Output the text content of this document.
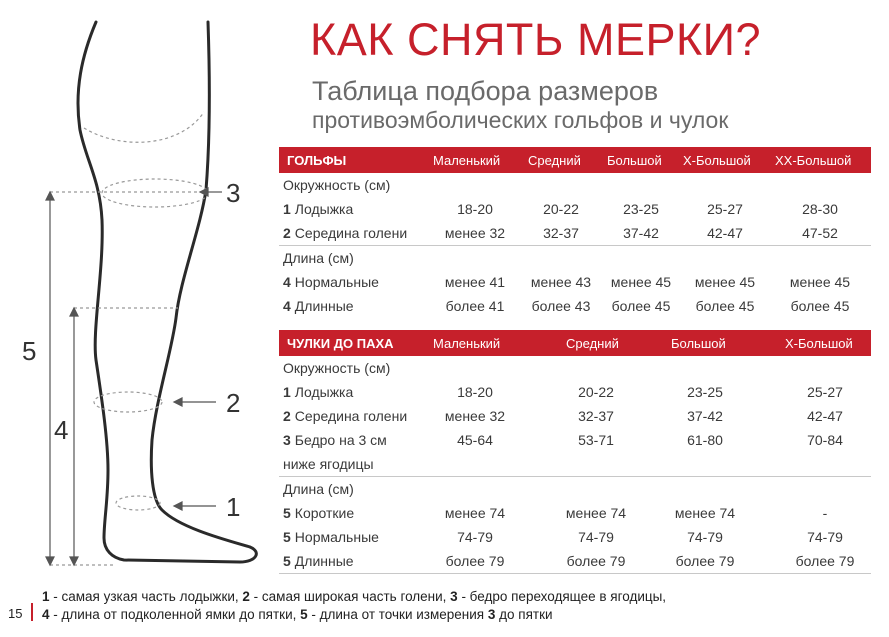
3
5
4
2
1
КАК СНЯТЬ МЕРКИ?
Таблица подбора размеров
противоэмболических гольфов и чулок
ГОЛЬФЫ	Маленький Средний Большой X-Большой XX-Большой
Окружность (см)
1 Лодыжка	18-20	20-22	23-25	25-27	28-30
2 Середина голени	менее 32	32-37	37-42	42-47	47-52
Длина (см)
4 Нормальные	менее 41 менее 43 менее 45 менее 45 менее 45
4 Длинные	более 41 более 43 более 45 более 45	более 45
ЧУЛКИ ДО ПАХА	Маленький	Средний	Большой	X-Большой
Окружность (см)
1 Лодыжка	18-20	20-22	23-25	25-27
2 Середина голени	менее 32	32-37	37-42	42-47
3 Бедро на 3 см	45-64	53-71	61-80	70-84
ниже ягодицы
Длина (см)
5 Короткие	менее 74	менее 74	менее 74	-
5 Нормальные	74-79	74-79	74-79	74-79
5 Длинные	более 79	более 79	более 79	более 79
1 - самая узкая часть лодыжки, 2 - самая широкая часть голени, 3 - бедро переходящее в ягодицы,
4 - длина от подколенной ямки до пятки, 5 - длина от точки измерения 3 до пятки
15
